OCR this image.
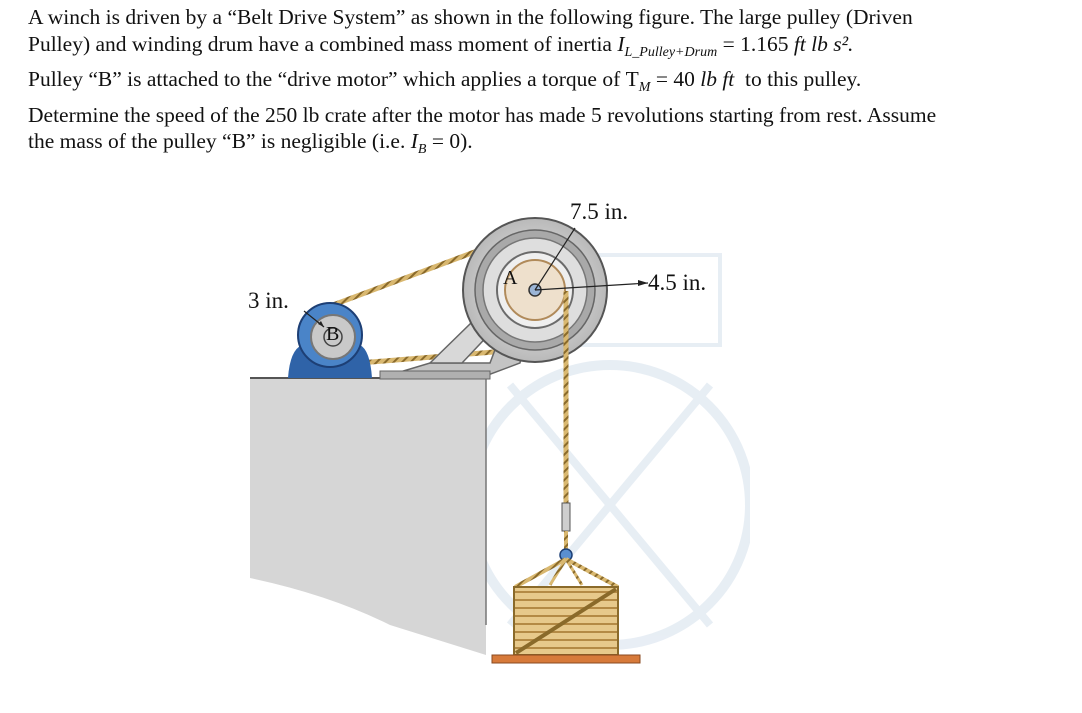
A winch is driven by a “Belt Drive System” as shown in the following figure. The large pulley (Driven

Pulley) and winding drum have a combined mass moment of inertia $I_{L\_Pulley+Drum} = 1.165$ ft lb s².

Pulley “B” is attached to the “drive motor” which applies a torque of $T_M = 40$ lb ft to this pulley.

Determine the speed of the 250 lb crate after the motor has made 5 revolutions starting from rest. Assume

the mass of the pulley “B” is negligible (i.e. $I_B = 0$).

7.5 in.
4.5 in.
3 in.
A
B
